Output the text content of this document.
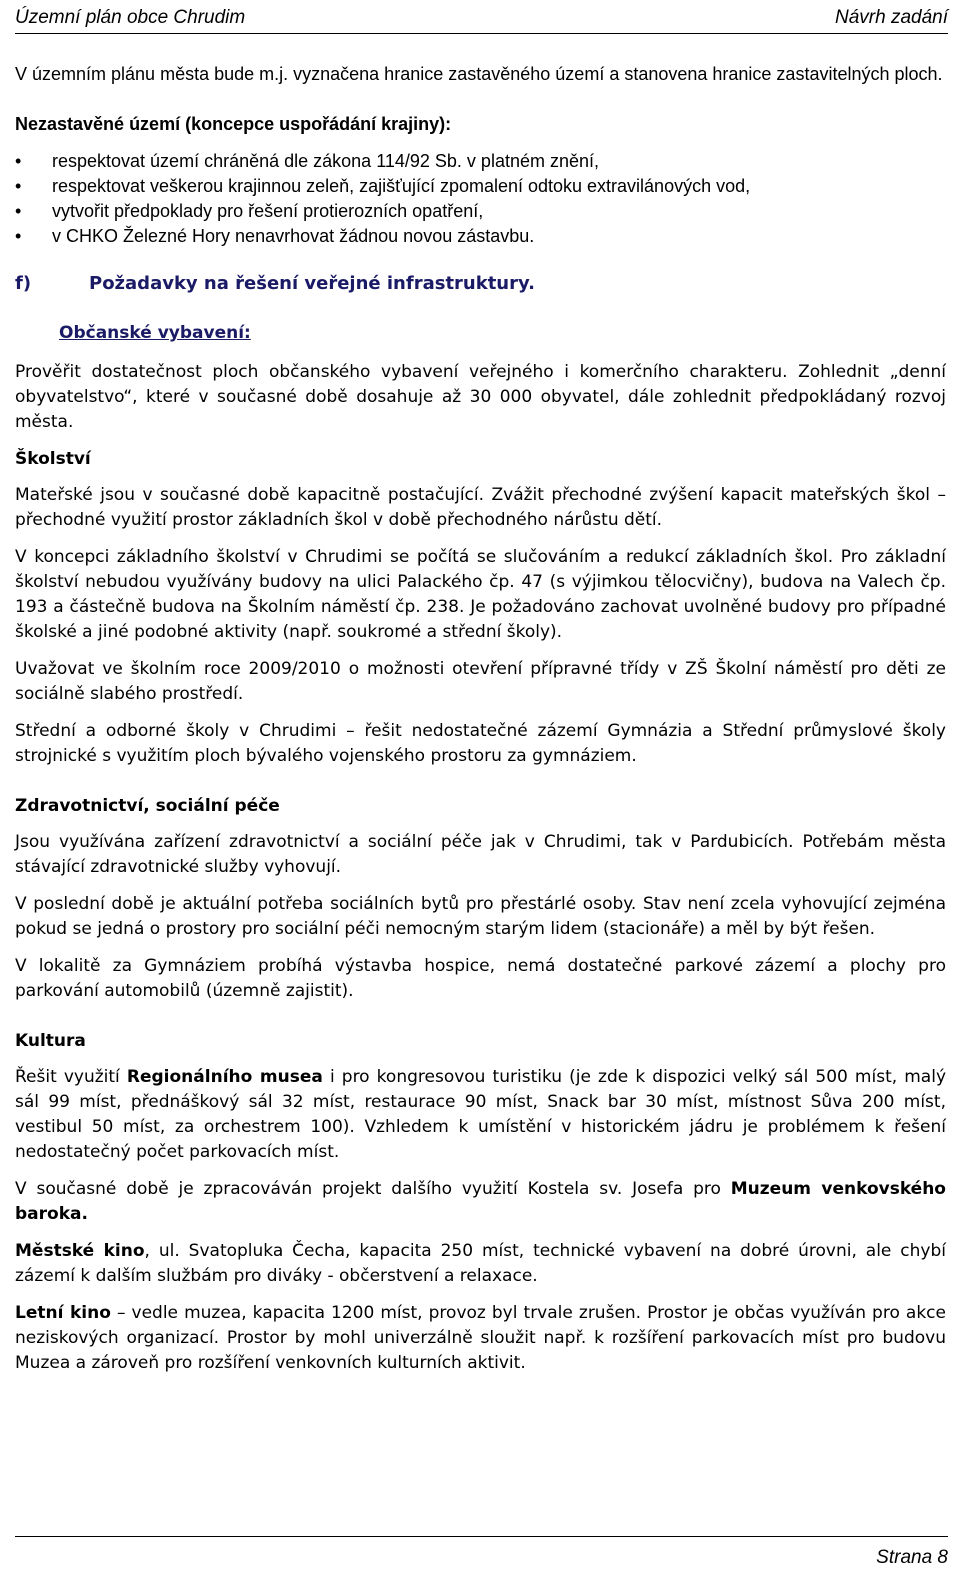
Územní plán obce Chrudim	Návrh zadání

V územním plánu města bude m.j. vyznačena hranice zastavěného území a stanovena hranice zastavitelných ploch.

Nezastavěné území (koncepce uspořádání krajiny):

• respektovat území chráněná dle zákona 114/92 Sb. v platném znění,
• respektovat veškerou krajinnou zeleň, zajišťující zpomalení odtoku extravilánových vod,
• vytvořit předpoklady pro řešení protierozních opatření,
• v CHKO Železné Hory nenavrhovat žádnou novou zástavbu.
f)	Požadavky na řešení veřejné infrastruktury.
Občanské vybavení:

Prověřit dostatečnost ploch občanského vybavení veřejného i komerčního charakteru. Zohlednit „denní obyvatelstvo“, které v současné době dosahuje až 30 000 obyvatel, dále zohlednit předpokládaný rozvoj města.

Školství

Mateřské jsou v současné době kapacitně postačující. Zvážit přechodné zvýšení kapacit mateřských škol – přechodné využití prostor základních škol v době přechodného nárůstu dětí.

V koncepci základního školství v Chrudimi se počítá se slučováním a redukcí základních škol. Pro základní školství nebudou využívány budovy na ulici Palackého čp. 47 (s výjimkou tělocvičny), budova na Valech čp. 193 a částečně budova na Školním náměstí čp. 238. Je požadováno zachovat uvolněné budovy pro případné školské a jiné podobné aktivity (např. soukromé a střední školy).

Uvažovat ve školním roce 2009/2010 o možnosti otevření přípravné třídy v ZŠ Školní náměstí pro děti ze sociálně slabého prostředí.

Střední a odborné školy v Chrudimi – řešit nedostatečné zázemí Gymnázia a Střední průmyslové školy strojnické s využitím ploch bývalého vojenského prostoru za gymnáziem.

Zdravotnictví, sociální péče

Jsou využívána zařízení zdravotnictví a sociální péče jak v Chrudimi, tak v Pardubicích. Potřebám města stávající zdravotnické služby vyhovují.

V poslední době je aktuální potřeba sociálních bytů pro přestárlé osoby. Stav není zcela vyhovující zejména pokud se jedná o prostory pro sociální péči nemocným starým lidem (stacionáře) a měl by být řešen.

V lokalitě za Gymnáziem probíhá výstavba hospice, nemá dostatečné parkové zázemí a plochy pro parkování automobilů (územně zajistit).

Kultura

Řešit využití Regionálního musea i pro kongresovou turistiku (je zde k dispozici velký sál 500 míst, malý sál 99 míst, přednáškový sál 32 míst, restaurace 90 míst, Snack bar 30 míst, místnost Sůva 200 míst, vestibul 50 míst, za orchestrem 100). Vzhledem k umístění v historickém jádru je problémem k řešení nedostatečný počet parkovacích míst.

V současné době je zpracováván projekt dalšího využití Kostela sv. Josefa pro Muzeum venkovského baroka.

Městské kino, ul. Svatopluka Čecha, kapacita 250 míst, technické vybavení na dobré úrovni, ale chybí zázemí k dalším službám pro diváky - občerstvení a relaxace.

Letní kino – vedle muzea, kapacita 1200 míst, provoz byl trvale zrušen. Prostor je občas využíván pro akce neziskových organizací. Prostor by mohl univerzálně sloužit např. k rozšíření parkovacích míst pro budovu Muzea a zároveň pro rozšíření venkovních kulturních aktivit.

Strana 8
